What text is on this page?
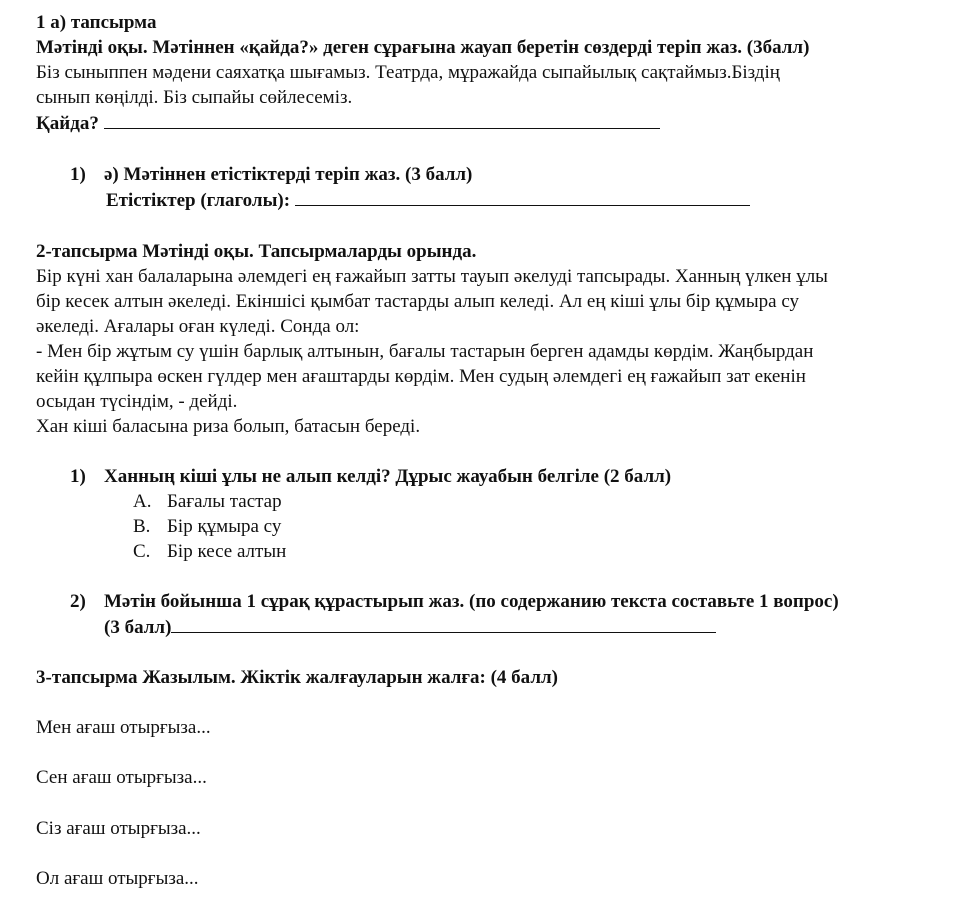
1 а) тапсырма

Мәтінді оқы. Мәтіннен «қайда?» деген сұрағына жауап беретін сөздерді теріп жаз. (3балл)

Біз сыныппен мәдени саяхатқа шығамыз. Театрда, мұражайда сыпайылық сақтаймыз.Біздің

сынып көңілді. Біз сыпайы сөйлесеміз.

Қайда?

1) ә) Мәтіннен етістіктерді теріп жаз. (3 балл)

Етістіктер (глаголы):

2-тапсырма Мәтінді оқы. Тапсырмаларды орында.

Бір күні хан балаларына әлемдегі ең ғажайып затты тауып әкелуді тапсырады. Ханның үлкен ұлы

бір кесек алтын әкеледі. Екіншісі қымбат тастарды алып келеді. Ал ең кіші ұлы бір құмыра су

әкеледі. Ағалары оған күледі. Сонда ол:

- Мен бір жұтым су үшін барлық алтынын, бағалы тастарын берген адамды көрдім. Жаңбырдан

кейін құлпыра өскен гүлдер мен ағаштарды көрдім. Мен судың әлемдегі ең ғажайып зат екенін

осыдан түсіндім, - дейді.

Хан кіші баласына риза болып, батасын береді.

1) Ханның кіші ұлы не алып келді? Дұрыс жауабын белгіле (2 балл)

А. Бағалы тастар

В. Бір құмыра су

С. Бір кесе алтын

2) Мәтін бойынша 1 сұрақ құрастырып жаз. (по содержанию текста составьте 1 вопрос)

(3 балл)

3-тапсырма Жазылым. Жіктік жалғауларын жалға: (4 балл)

Мен ағаш отырғыза...

Сен ағаш отырғыза...

Сіз ағаш отырғыза...

Ол ағаш отырғыза...
